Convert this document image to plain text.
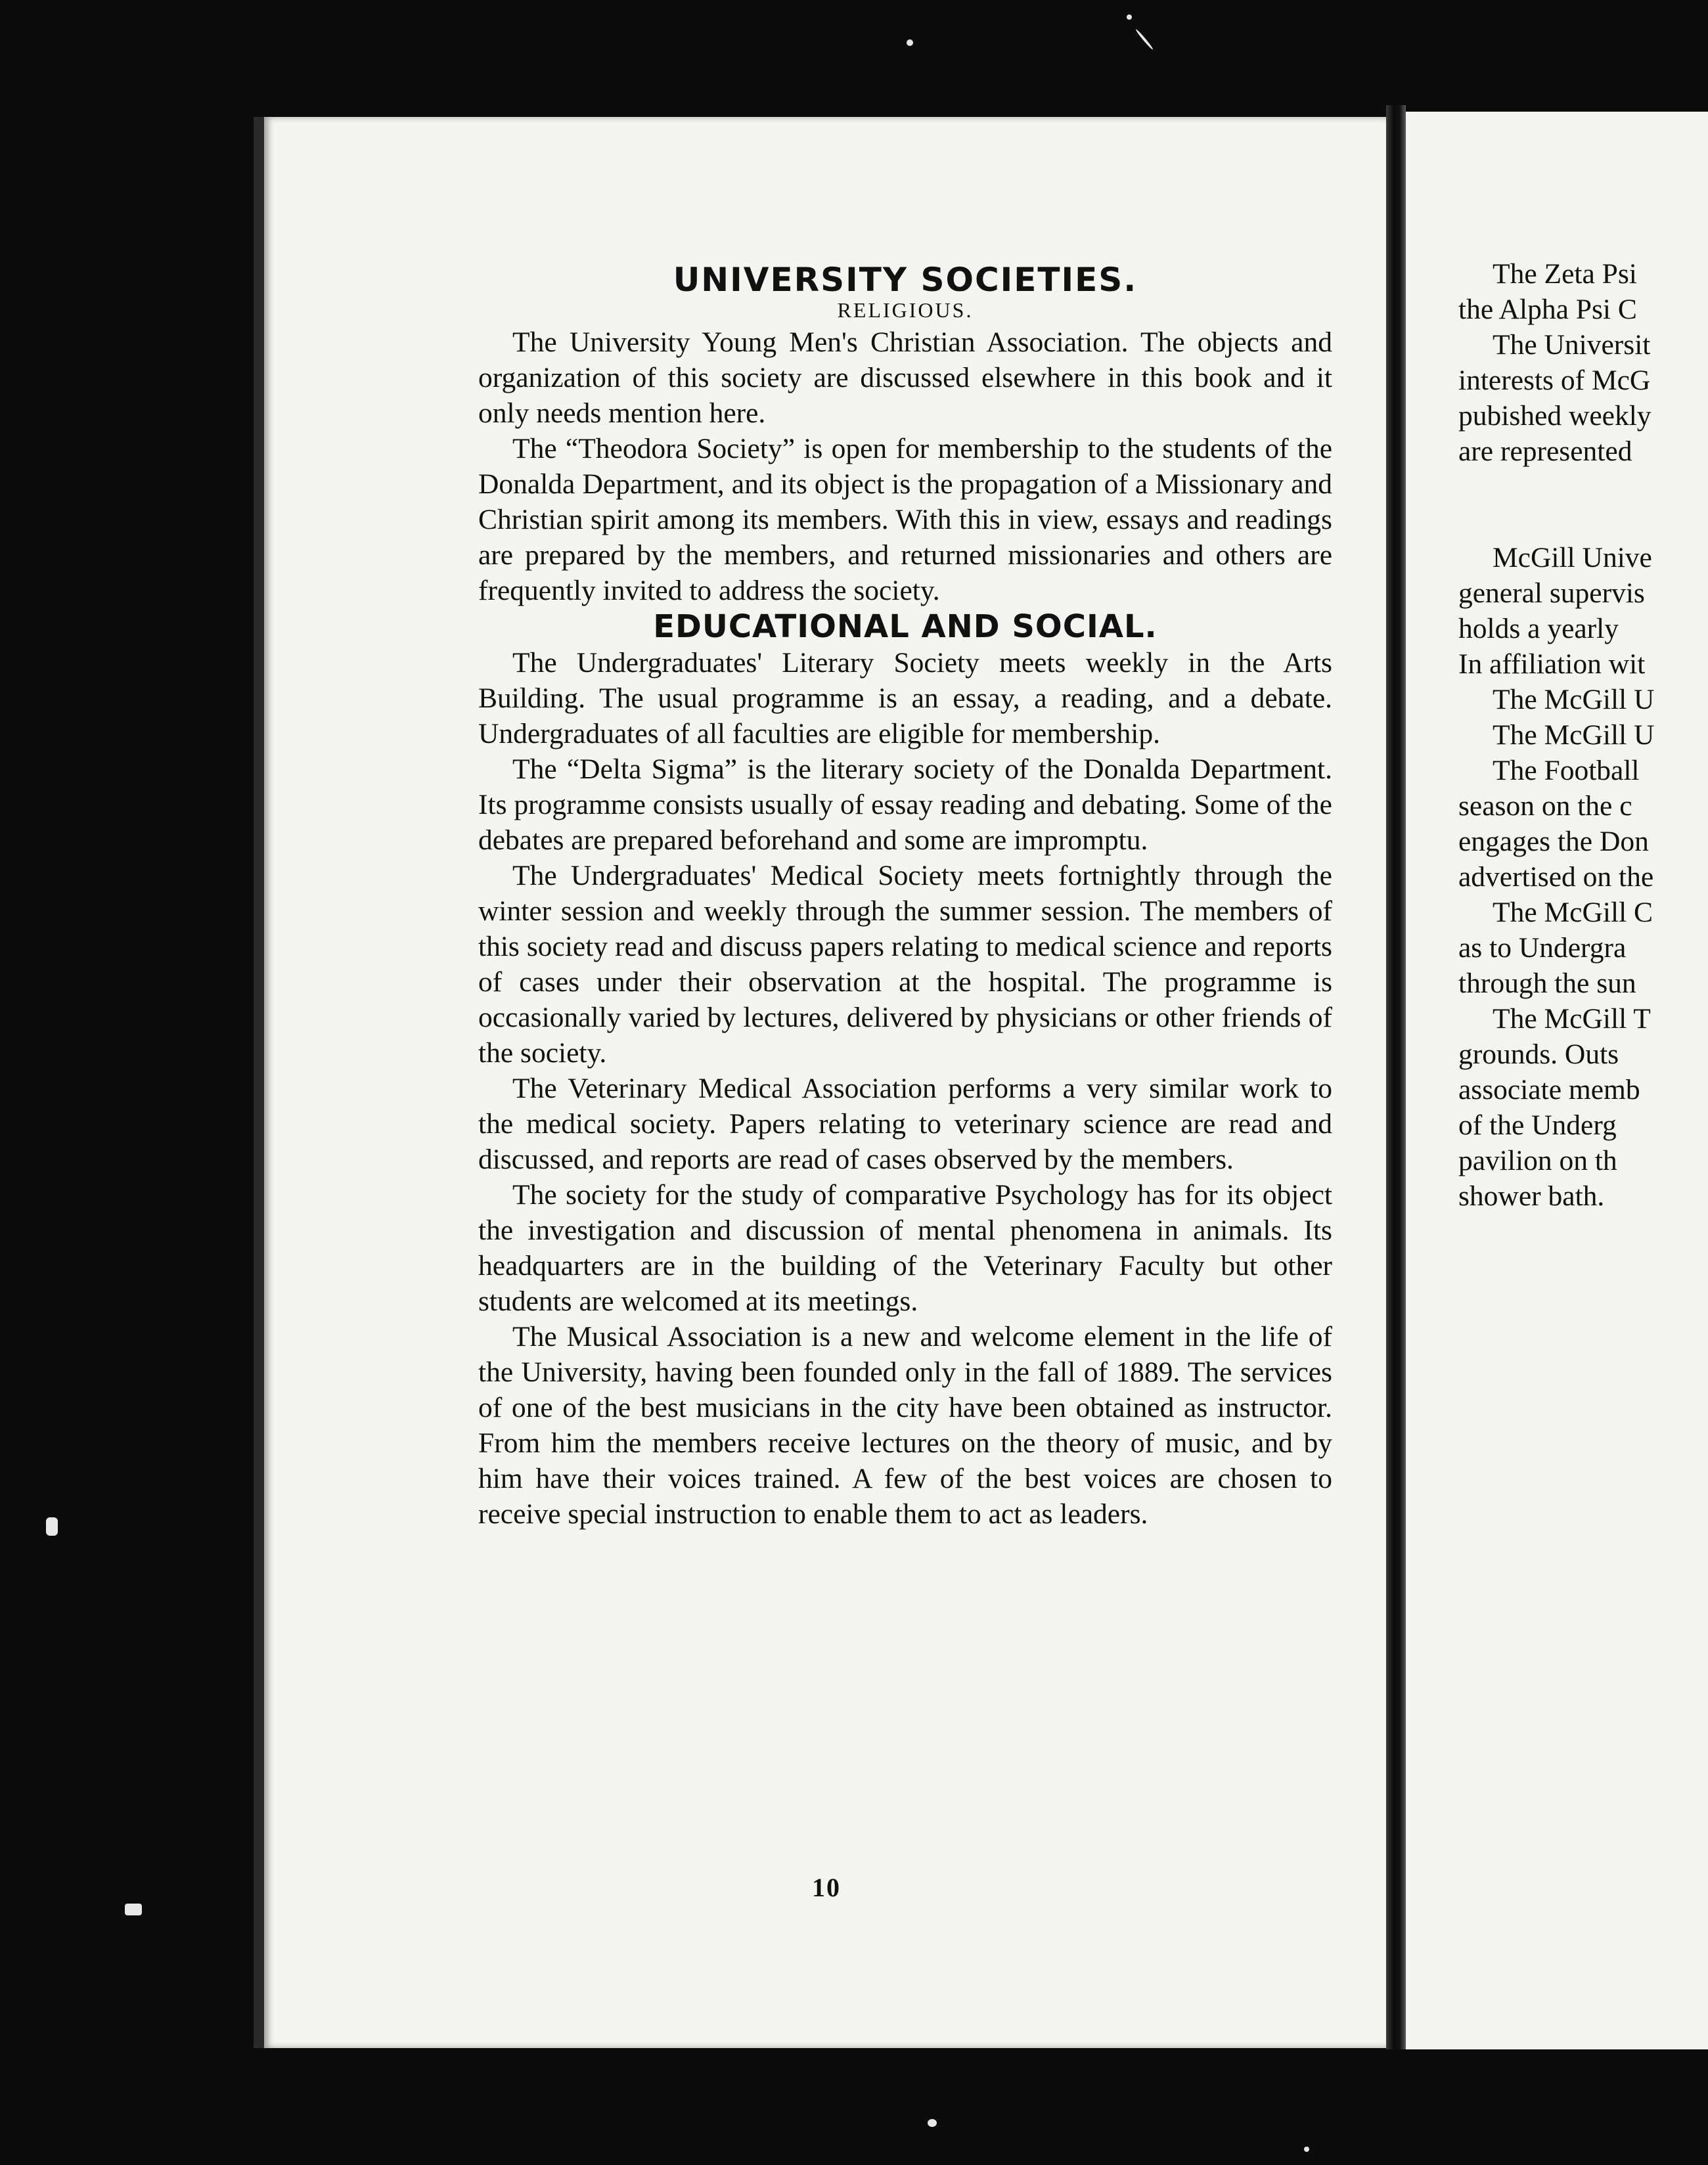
UNIVERSITY SOCIETIES.

RELIGIOUS.

The University Young Men's Christian Association. The objects and organization of this society are discussed elsewhere in this book and it only needs mention here.

The “Theodora Society” is open for membership to the students of the Donalda Department, and its object is the propagation of a Missionary and Christian spirit among its members. With this in view, essays and readings are prepared by the members, and returned missionaries and others are frequently invited to address the society.

EDUCATIONAL AND SOCIAL.

The Undergraduates' Literary Society meets weekly in the Arts Building. The usual programme is an essay, a reading, and a debate. Undergraduates of all faculties are eligible for membership.

The “Delta Sigma” is the literary society of the Donalda Department. Its programme consists usually of essay reading and debating. Some of the debates are prepared beforehand and some are impromptu.

The Undergraduates' Medical Society meets fortnightly through the winter session and weekly through the summer session. The members of this society read and discuss papers relating to medical science and reports of cases under their observation at the hospital. The programme is occasionally varied by lectures, delivered by physicians or other friends of the society.

The Veterinary Medical Association performs a very similar work to the medical society. Papers relating to veterinary science are read and discussed, and reports are read of cases observed by the members.

The society for the study of comparative Psychology has for its object the investigation and discussion of mental phenomena in animals. Its headquarters are in the building of the Veterinary Faculty but other students are welcomed at its meetings.

The Musical Association is a new and welcome element in the life of the University, having been founded only in the fall of 1889. The services of one of the best musicians in the city have been obtained as instructor. From him the members receive lectures on the theory of music, and by him have their voices trained. A few of the best voices are chosen to receive special instruction to enable them to act as leaders.

10

The Zeta Psi

the Alpha Psi C

The Universit

interests of McG

pubished weekly

are represented

McGill Unive

general supervis

holds a yearly

In affiliation wit

The McGill U

The McGill U

The Football

season on the c

engages the Don

advertised on the

The McGill C

as to Undergra

through the sun

The McGill T

grounds. Outs

associate memb

of the Underg

pavilion on th

shower bath.
